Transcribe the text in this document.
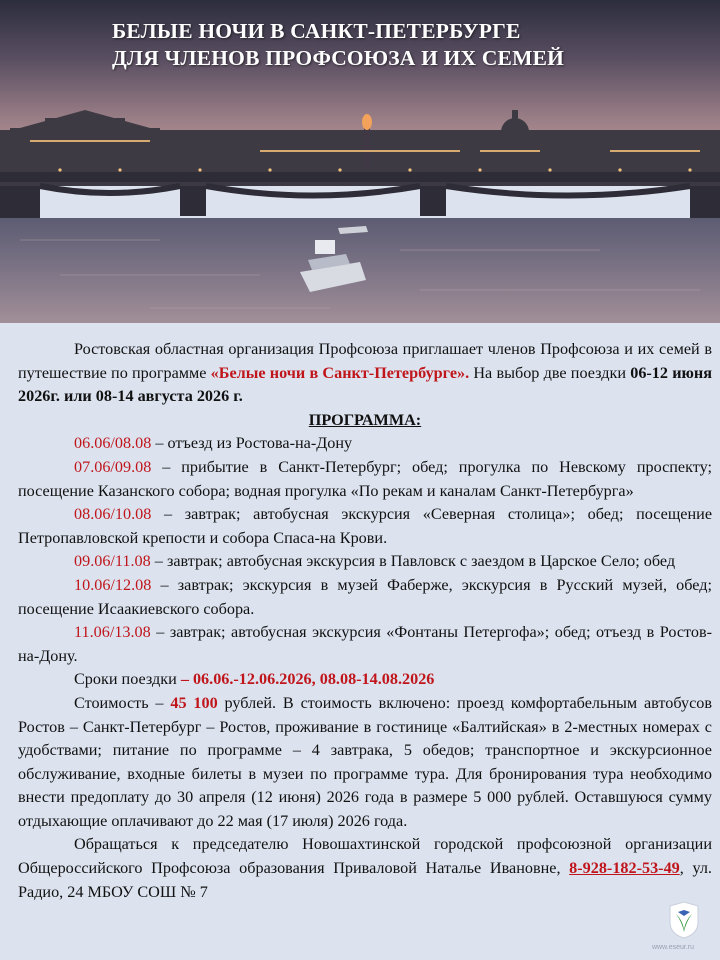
БЕЛЫЕ НОЧИ В САНКТ-ПЕТЕРБУРГЕ
ДЛЯ ЧЛЕНОВ ПРОФСОЮЗА И ИХ СЕМЕЙ

Ростовская областная организация Профсоюза приглашает членов Профсоюза и их семей в путешествие по программе «Белые ночи в Санкт-Петербурге». На выбор две поездки 06-12 июня 2026г. или 08-14 августа 2026 г.

ПРОГРАММА:

06.06/08.08 – отъезд из Ростова-на-Дону

07.06/09.08 – прибытие в Санкт-Петербург; обед; прогулка по Невскому проспекту; посещение Казанского собора; водная прогулка «По рекам и каналам Санкт-Петербурга»

08.06/10.08 – завтрак; автобусная экскурсия «Северная столица»; обед; посещение Петропавловской крепости и собора Спаса-на Крови.

09.06/11.08 – завтрак; автобусная экскурсия в Павловск с заездом в Царское Село; обед

10.06/12.08 – завтрак; экскурсия в музей Фаберже, экскурсия в Русский музей, обед; посещение Исаакиевского собора.

11.06/13.08 – завтрак; автобусная экскурсия «Фонтаны Петергофа»; обед; отъезд в Ростов-на-Дону.

Сроки поездки – 06.06.-12.06.2026, 08.08-14.08.2026

Стоимость – 45 100 рублей. В стоимость включено: проезд комфортабельным автобусов Ростов – Санкт-Петербург – Ростов, проживание в гостинице «Балтийская» в 2-местных номерах с удобствами; питание по программе – 4 завтрака, 5 обедов; транспортное и экскурсионное обслуживание, входные билеты в музеи по программе тура. Для бронирования тура необходимо внести предоплату до 30 апреля (12 июня) 2026 года в размере 5 000 рублей. Оставшуюся сумму отдыхающие оплачивают до 22 мая (17 июля) 2026 года.

Обращаться к председателю Новошахтинской городской профсоюзной организации Общероссийского Профсоюза образования Приваловой Наталье Ивановне, 8-928-182-53-49, ул. Радио, 24 МБОУ СОШ № 7

www.eseur.ru
